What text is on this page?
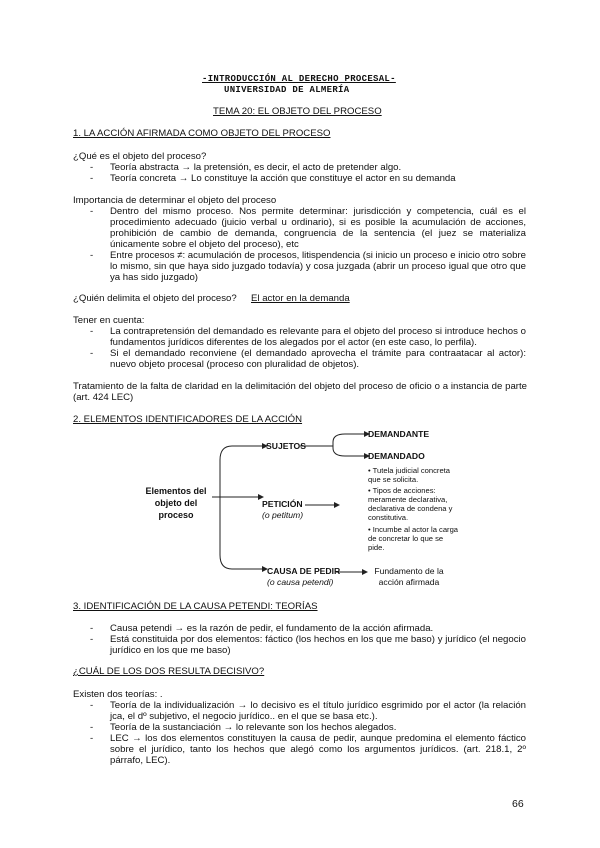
-INTRODUCCIÓN AL DERECHO PROCESAL-
UNIVERSIDAD DE ALMERÍA
TEMA 20: EL OBJETO DEL PROCESO
1. LA ACCIÓN AFIRMADA COMO OBJETO DEL PROCESO
¿Qué es el objeto del proceso?
- Teoría abstracta → la pretensión, es decir, el acto de pretender algo.
- Teoría concreta → Lo constituye la acción que constituye el actor en su demanda
Importancia de determinar el objeto del proceso
- Dentro del mismo proceso. Nos permite determinar: jurisdicción y competencia, cuál es el procedimiento adecuado (juicio verbal u ordinario), si es posible la acumulación de acciones, prohibición de cambio de demanda, congruencia de la sentencia (el juez se materializa únicamente sobre el objeto del proceso), etc
- Entre procesos ≠: acumulación de procesos, litispendencia (si inicio un proceso e inicio otro sobre lo mismo, sin que haya sido juzgado todavía) y cosa juzgada (abrir un proceso igual que otro que ya has sido juzgado)
¿Quién delimita el objeto del proceso? El actor en la demanda
Tener en cuenta:
- La contrapretensión del demandado es relevante para el objeto del proceso si introduce hechos o fundamentos jurídicos diferentes de los alegados por el actor (en este caso, lo perfila).
- Si el demandado reconviene (el demandado aprovecha el trámite para contraatacar al actor): nuevo objeto procesal (proceso con pluralidad de objetos).
Tratamiento de la falta de claridad en la delimitación del objeto del proceso de oficio o a instancia de parte (art. 424 LEC)
2. ELEMENTOS IDENTIFICADORES DE LA ACCIÓN
Elementos del objeto del proceso
SUJETOS
DEMANDANTE
DEMANDADO
PETICIÓN
(o petitum)
• Tutela judicial concreta que se solicita.
• Tipos de acciones: meramente declarativa, declarativa de condena y constitutiva.
• Incumbe al actor la carga de concretar lo que se pide.
CAUSA DE PEDIR
(o causa petendi)
Fundamento de la acción afirmada
3. IDENTIFICACIÓN DE LA CAUSA PETENDI: TEORÍAS
- Causa petendi → es la razón de pedir, el fundamento de la acción afirmada.
- Está constituida por dos elementos: fáctico (los hechos en los que me baso) y jurídico (el negocio jurídico en los que me baso)
¿CUÁL DE LOS DOS RESULTA DECISIVO?
Existen dos teorías: .
- Teoría de la individualización → lo decisivo es el título jurídico esgrimido por el actor (la relación jca, el dº subjetivo, el negocio jurídico.. en el que se basa etc.).
- Teoría de la sustanciación → lo relevante son los hechos alegados.
- LEC → los dos elementos constituyen la causa de pedir, aunque predomina el elemento fáctico sobre el jurídico, tanto los hechos que alegó como los argumentos jurídicos. (art. 218.1, 2º párrafo, LEC).
66
